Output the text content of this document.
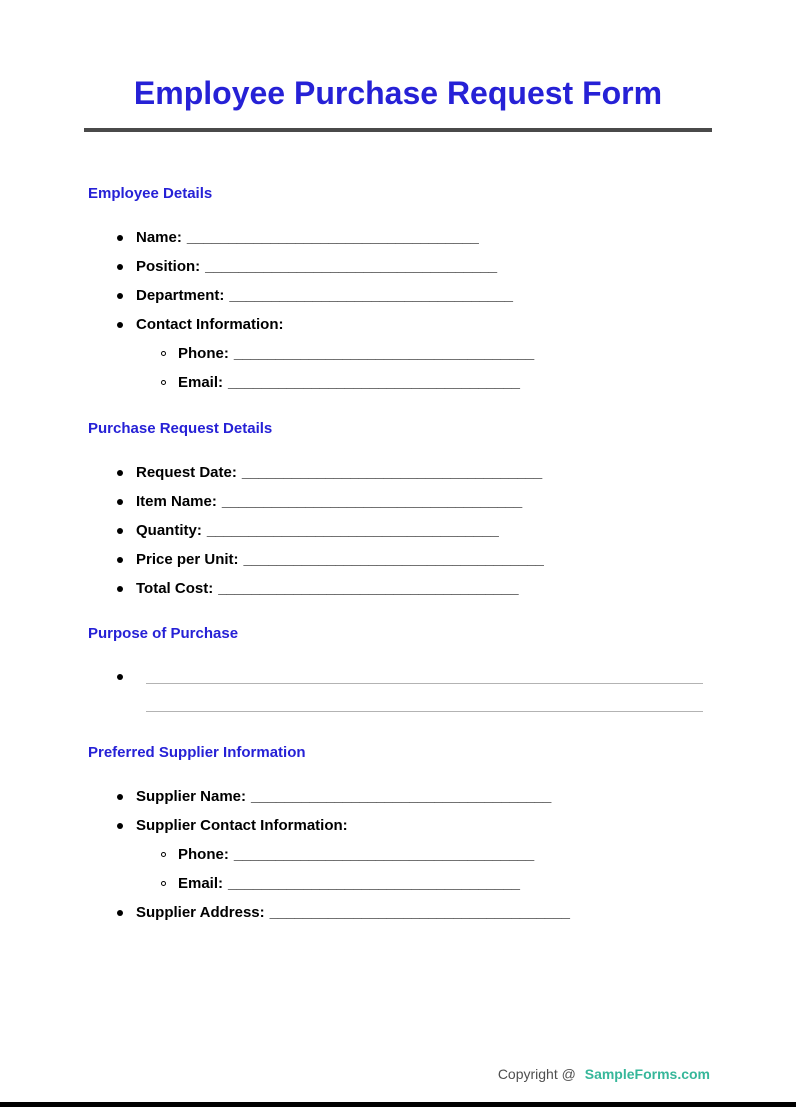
Employee Purchase Request Form
Employee Details
Name: ___________________________________
Position: ___________________________________
Department: __________________________________
Contact Information:
Phone: ____________________________________
Email: ___________________________________
Purchase Request Details
Request Date: ____________________________________
Item Name: ____________________________________
Quantity: ___________________________________
Price per Unit: ____________________________________
Total Cost: ____________________________________
Purpose of Purchase
Preferred Supplier Information
Supplier Name: ____________________________________
Supplier Contact Information:
Phone: ____________________________________
Email: ___________________________________
Supplier Address: ____________________________________
Copyright @ SampleForms.com
